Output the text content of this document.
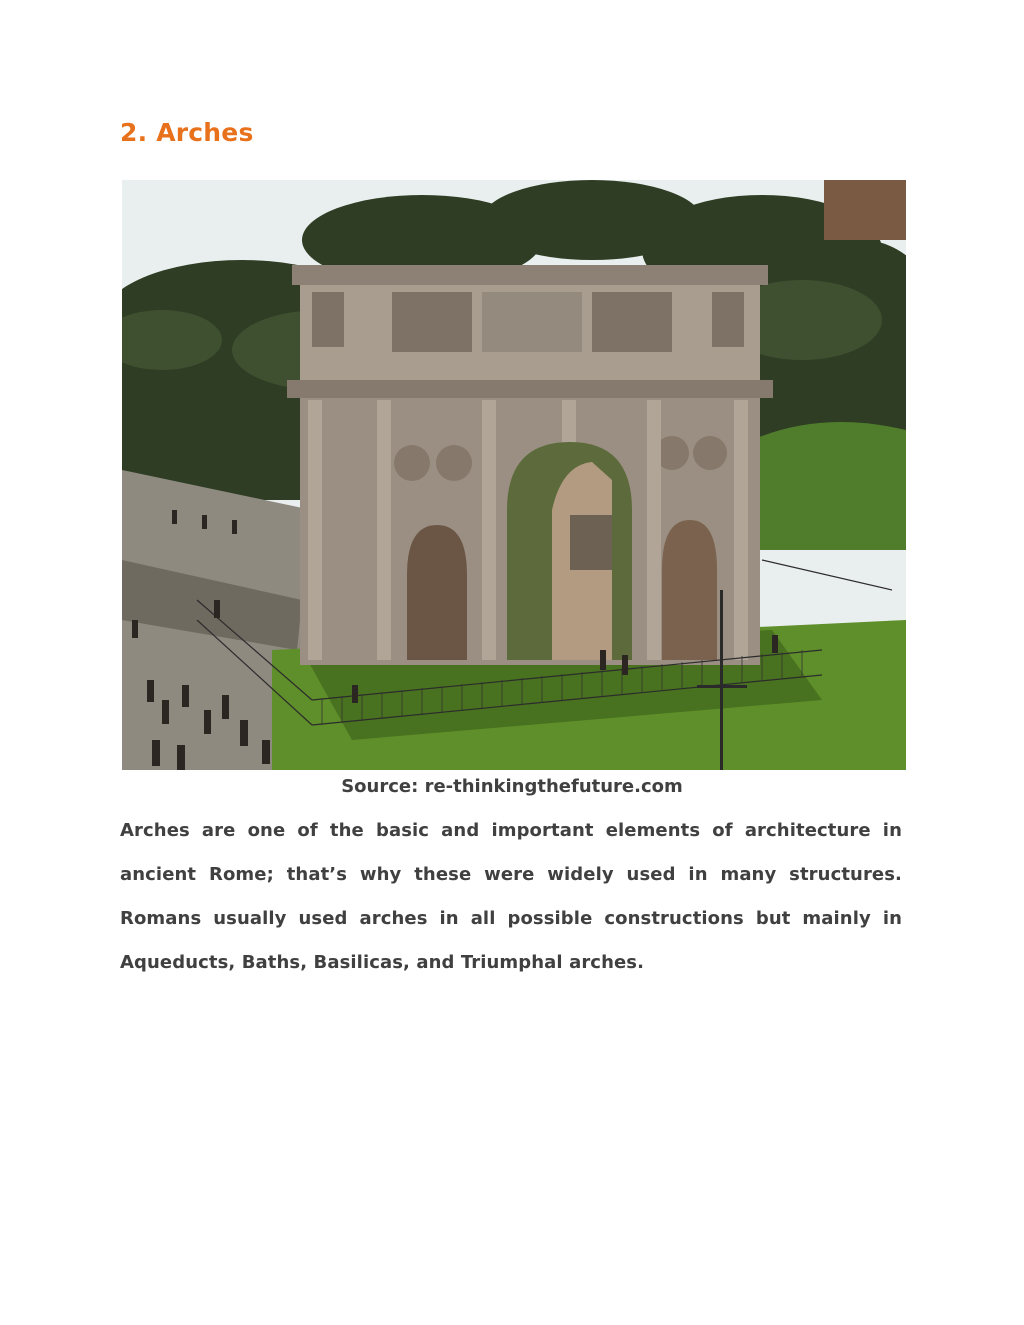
2. Arches
Source: re-thinkingthefuture.com

Arches are one of the basic and important elements of architecture in ancient Rome; that’s why these were widely used in many structures. Romans usually used arches in all possible constructions but mainly in Aqueducts, Baths, Basilicas, and Triumphal arches.
